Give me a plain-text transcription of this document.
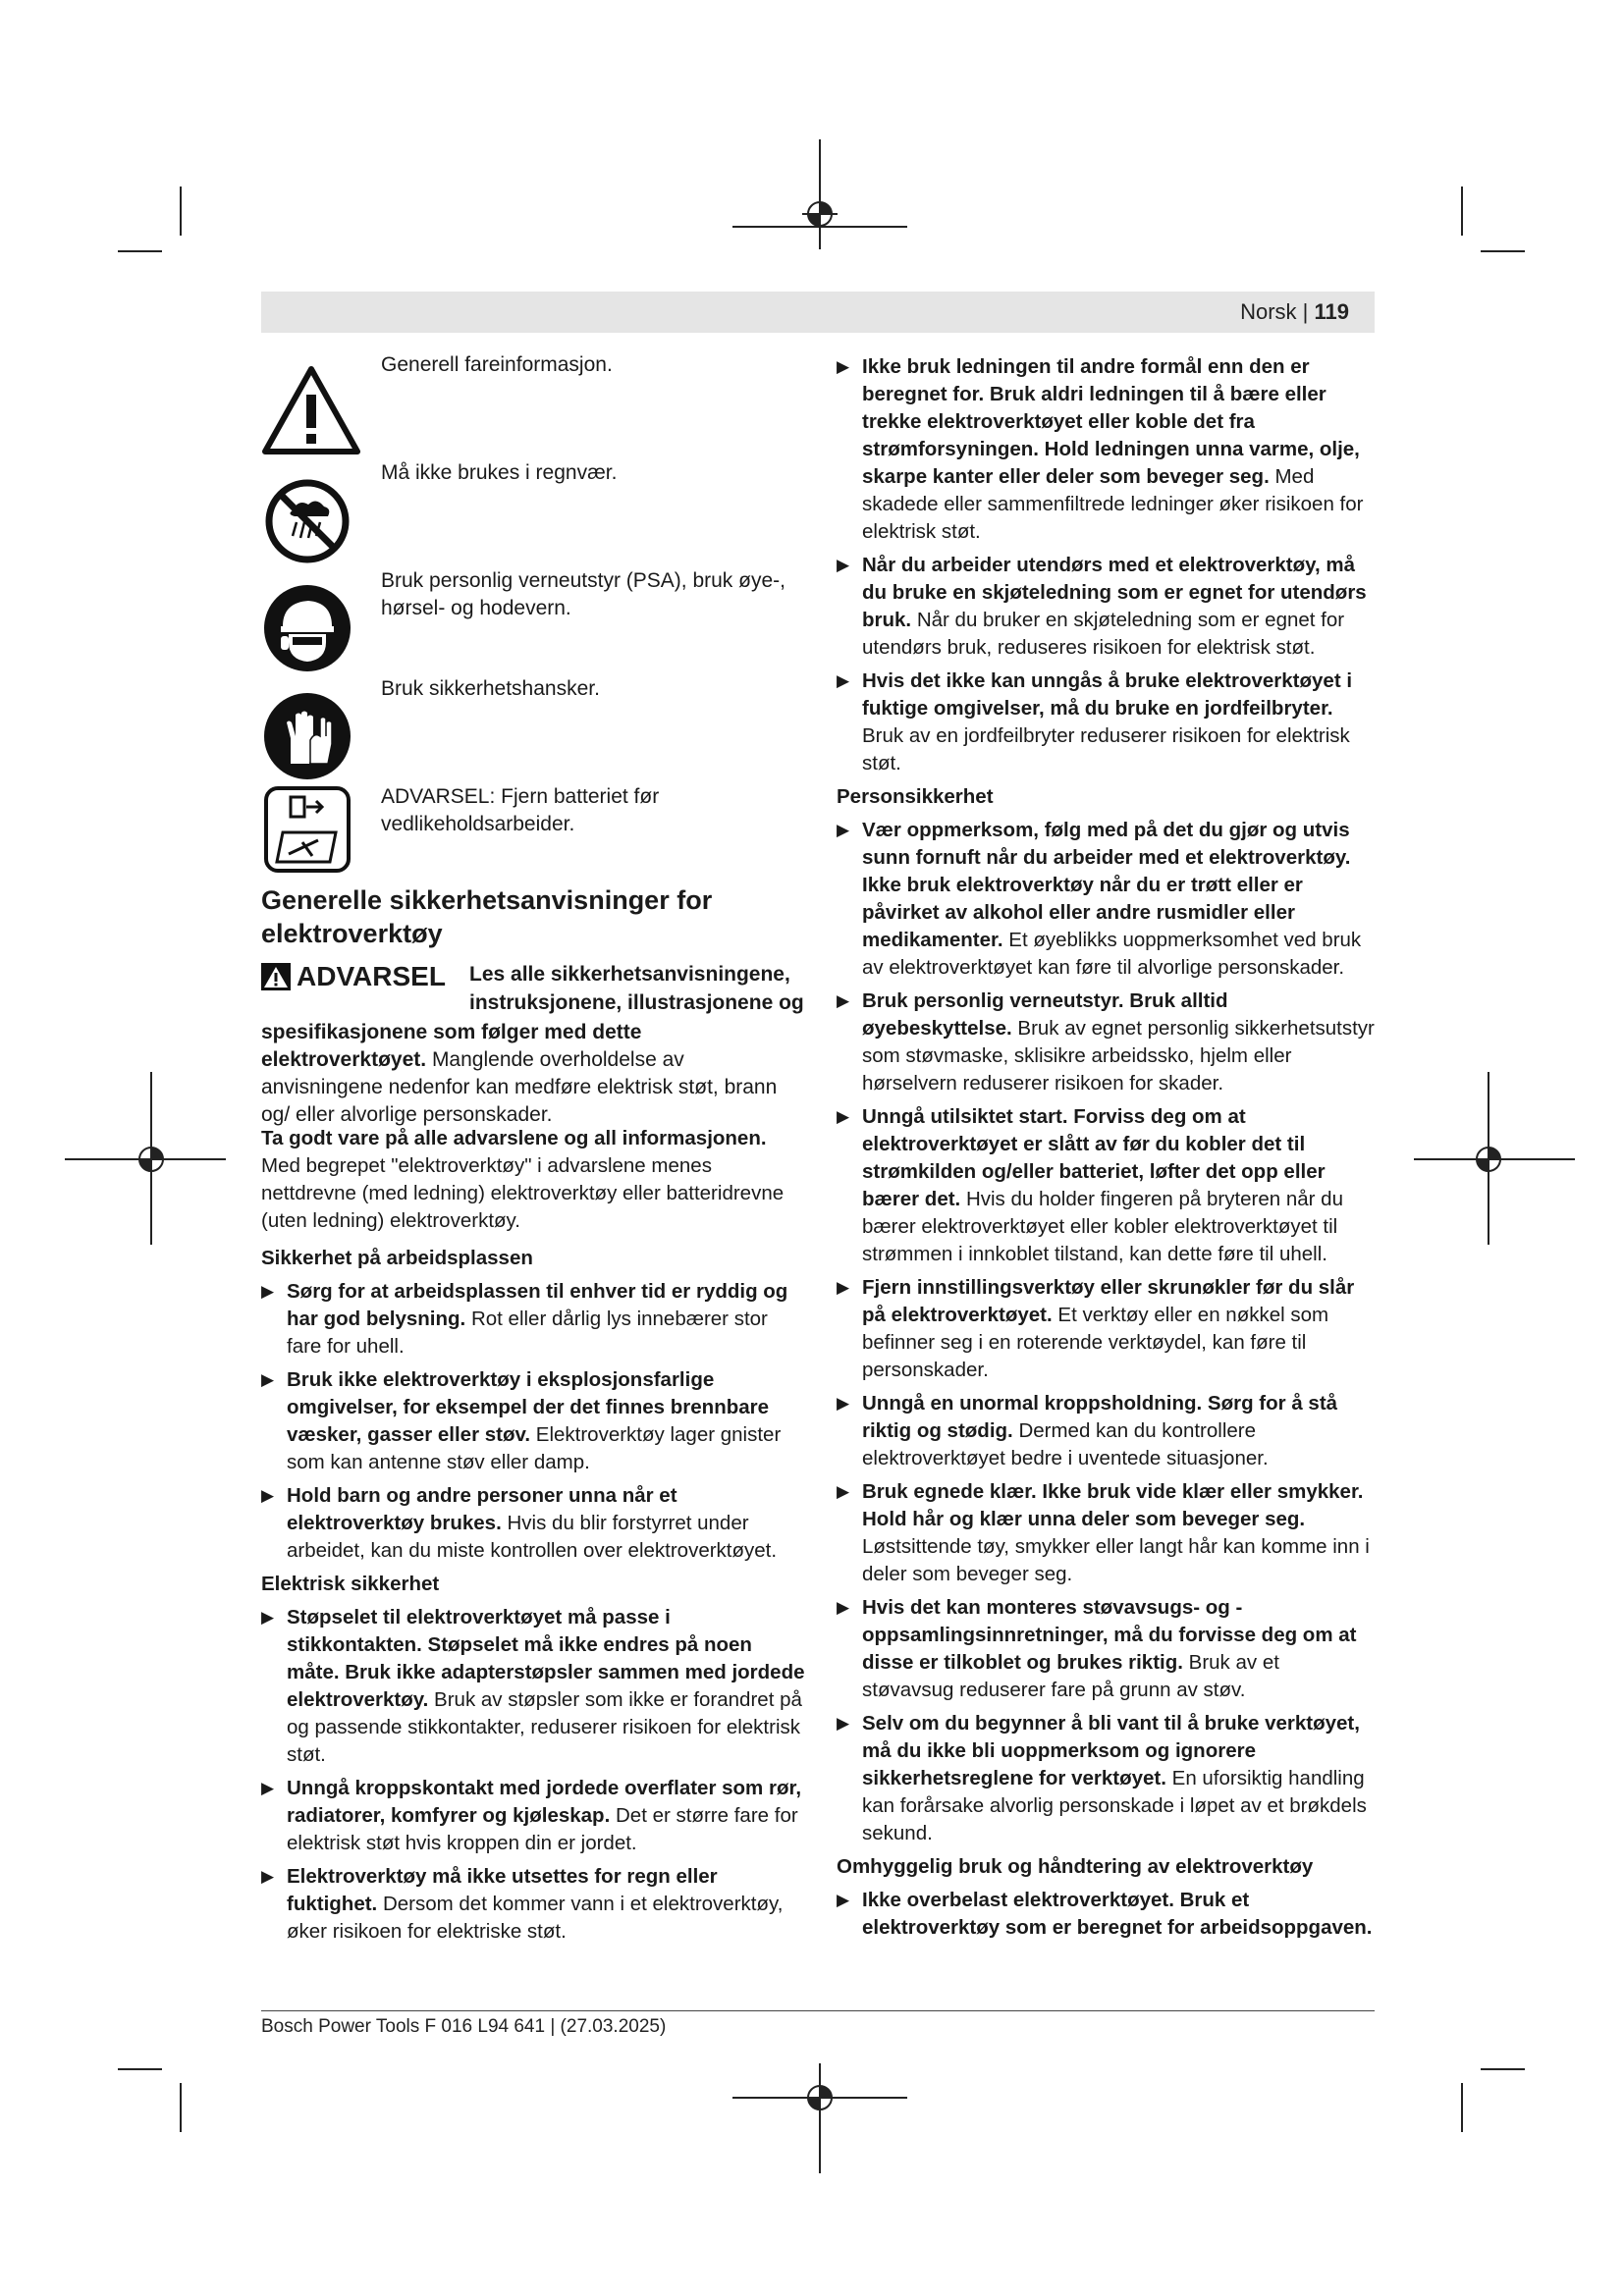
Norsk | 119
Generell fareinformasjon.
Må ikke brukes i regnvær.
Bruk personlig verneutstyr (PSA), bruk øye-, hørsel- og hodevern.
Bruk sikkerhetshansker.
ADVARSEL: Fjern batteriet før vedlikeholdsarbeider.
Generelle sikkerhetsanvisninger for elektroverktøy
ADVARSEL Les alle sikkerhetsanvisningene, instruksjonene, illustrasjonene og
spesifikasjonene som følger med dette elektroverktøyet. Manglende overholdelse av anvisningene nedenfor kan medføre elektrisk støt, brann og/ eller alvorlige personskader.

Ta godt vare på alle advarslene og all informasjonen.
Med begrepet "elektroverktøy" i advarslene menes nettdrevne (med ledning) elektroverktøy eller batteridrevne (uten ledning) elektroverktøy.

Sikkerhet på arbeidsplassen
▶ Sørg for at arbeidsplassen til enhver tid er ryddig og har god belysning. Rot eller dårlig lys innebærer stor fare for uhell.
▶ Bruk ikke elektroverktøy i eksplosjonsfarlige omgivelser, for eksempel der det finnes brennbare væsker, gasser eller støv. Elektroverktøy lager gnister som kan antenne støv eller damp.
▶ Hold barn og andre personer unna når et elektroverktøy brukes. Hvis du blir forstyrret under arbeidet, kan du miste kontrollen over elektroverktøyet.
Elektrisk sikkerhet
▶ Støpselet til elektroverktøyet må passe i stikkontakten. Støpselet må ikke endres på noen måte. Bruk ikke adapterstøpsler sammen med jordede elektroverktøy. Bruk av støpsler som ikke er forandret på og passende stikkontakter, reduserer risikoen for elektrisk støt.
▶ Unngå kroppskontakt med jordede overflater som rør, radiatorer, komfyrer og kjøleskap. Det er større fare for elektrisk støt hvis kroppen din er jordet.
▶ Elektroverktøy må ikke utsettes for regn eller fuktighet. Dersom det kommer vann i et elektroverktøy, øker risikoen for elektriske støt.
▶ Ikke bruk ledningen til andre formål enn den er beregnet for. Bruk aldri ledningen til å bære eller trekke elektroverktøyet eller koble det fra strømforsyningen. Hold ledningen unna varme, olje, skarpe kanter eller deler som beveger seg. Med skadede eller sammenfiltrede ledninger øker risikoen for elektrisk støt.
▶ Når du arbeider utendørs med et elektroverktøy, må du bruke en skjøteledning som er egnet for utendørs bruk. Når du bruker en skjøteledning som er egnet for utendørs bruk, reduseres risikoen for elektrisk støt.
▶ Hvis det ikke kan unngås å bruke elektroverktøyet i fuktige omgivelser, må du bruke en jordfeilbryter. Bruk av en jordfeilbryter reduserer risikoen for elektrisk støt.
Personsikkerhet
▶ Vær oppmerksom, følg med på det du gjør og utvis sunn fornuft når du arbeider med et elektroverktøy. Ikke bruk elektroverktøy når du er trøtt eller er påvirket av alkohol eller andre rusmidler eller medikamenter. Et øyeblikks uoppmerksomhet ved bruk av elektroverktøyet kan føre til alvorlige personskader.
▶ Bruk personlig verneutstyr. Bruk alltid øyebeskyttelse. Bruk av egnet personlig sikkerhetsutstyr som støvmaske, sklisikre arbeidssko, hjelm eller hørselvern reduserer risikoen for skader.
▶ Unngå utilsiktet start. Forviss deg om at elektroverktøyet er slått av før du kobler det til strømkilden og/eller batteriet, løfter det opp eller bærer det. Hvis du holder fingeren på bryteren når du bærer elektroverktøyet eller kobler elektroverktøyet til strømmen i innkoblet tilstand, kan dette føre til uhell.
▶ Fjern innstillingsverktøy eller skrunøkler før du slår på elektroverktøyet. Et verktøy eller en nøkkel som befinner seg i en roterende verktøydel, kan føre til personskader.
▶ Unngå en unormal kroppsholdning. Sørg for å stå riktig og stødig. Dermed kan du kontrollere elektroverktøyet bedre i uventede situasjoner.
▶ Bruk egnede klær. Ikke bruk vide klær eller smykker. Hold hår og klær unna deler som beveger seg. Løstsittende tøy, smykker eller langt hår kan komme inn i deler som beveger seg.
▶ Hvis det kan monteres støvavsugs- og -oppsamlingsinnretninger, må du forvisse deg om at disse er tilkoblet og brukes riktig. Bruk av et støvavsug reduserer fare på grunn av støv.
▶ Selv om du begynner å bli vant til å bruke verktøyet, må du ikke bli uoppmerksom og ignorere sikkerhetsreglene for verktøyet. En uforsiktig handling kan forårsake alvorlig personskade i løpet av et brøkdels sekund.
Omhyggelig bruk og håndtering av elektroverktøy
▶ Ikke overbelast elektroverktøyet. Bruk et elektroverktøy som er beregnet for arbeidsoppgaven.
Bosch Power Tools F 016 L94 641 | (27.03.2025)
